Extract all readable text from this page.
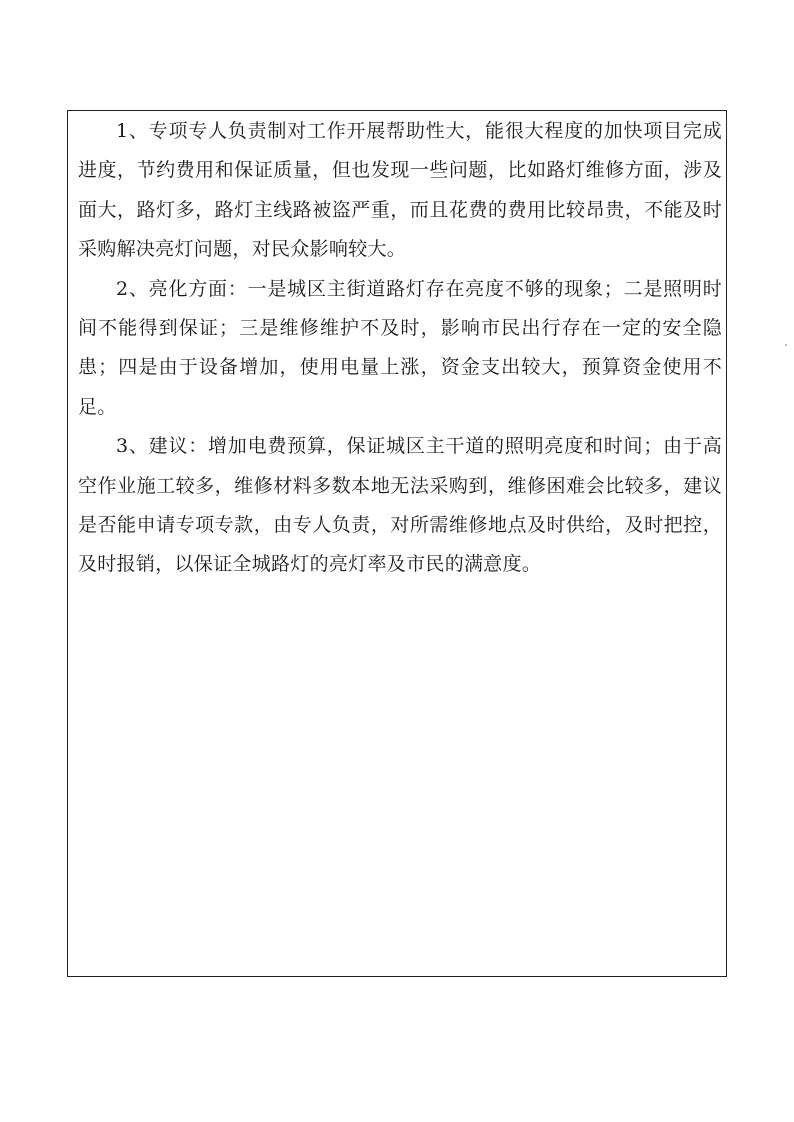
1、专项专人负责制对工作开展帮助性大，能很大程度的加快项目完成进度，节约费用和保证质量，但也发现一些问题，比如路灯维修方面，涉及面大，路灯多，路灯主线路被盗严重，而且花费的费用比较昂贵，不能及时采购解决亮灯问题，对民众影响较大。

2、亮化方面：一是城区主街道路灯存在亮度不够的现象；二是照明时间不能得到保证；三是维修维护不及时，影响市民出行存在一定的安全隐患；四是由于设备增加，使用电量上涨，资金支出较大，预算资金使用不足。

3、建议：增加电费预算，保证城区主干道的照明亮度和时间；由于高空作业施工较多，维修材料多数本地无法采购到，维修困难会比较多，建议是否能申请专项专款，由专人负责，对所需维修地点及时供给，及时把控，及时报销，以保证全城路灯的亮灯率及市民的满意度。
